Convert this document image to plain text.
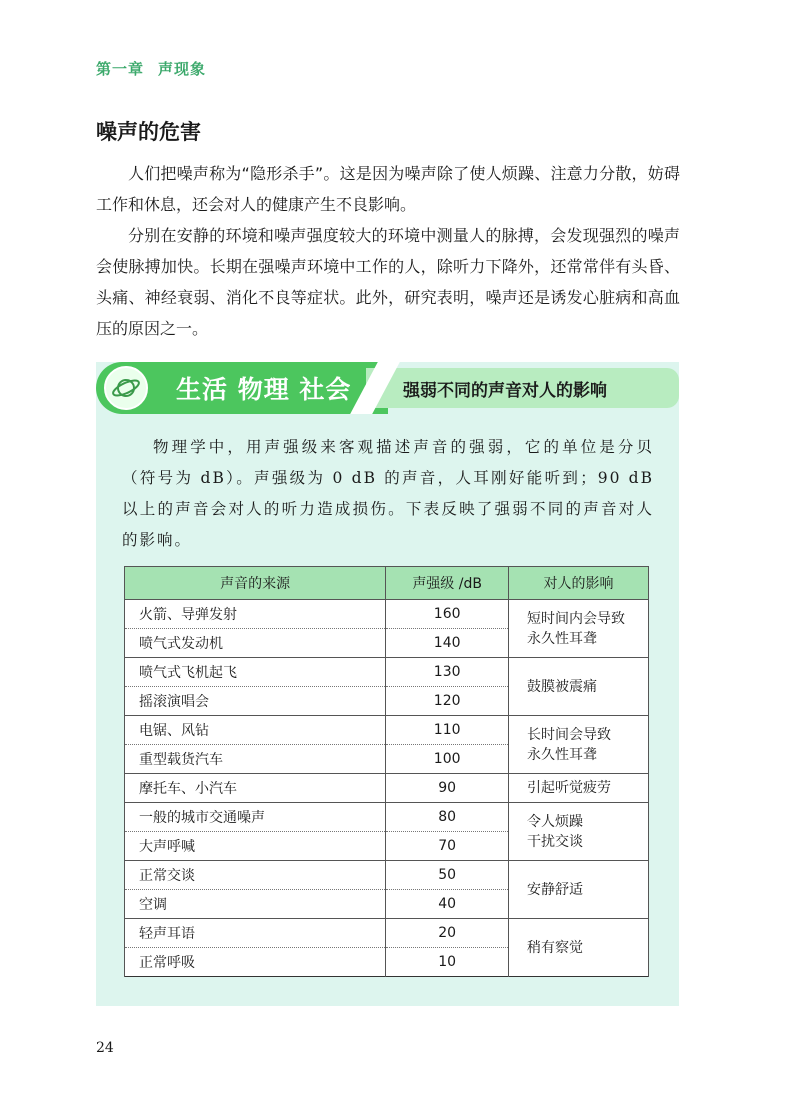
第一章 声现象
噪声的危害

人们把噪声称为“隐形杀手”。这是因为噪声除了使人烦躁、注意力分散，妨碍工作和休息，还会对人的健康产生不良影响。

分别在安静的环境和噪声强度较大的环境中测量人的脉搏，会发现强烈的噪声会使脉搏加快。长期在强噪声环境中工作的人，除听力下降外，还常常伴有头昏、头痛、神经衰弱、消化不良等症状。此外，研究表明，噪声还是诱发心脏病和高血压的原因之一。

生活 物理 社会	强弱不同的声音对人的影响

物理学中，用声强级来客观描述声音的强弱，它的单位是分贝（符号为 dB）。声强级为 0 dB 的声音，人耳刚好能听到；90 dB 以上的声音会对人的听力造成损伤。下表反映了强弱不同的声音对人的影响。

声音的来源	声强级 /dB	对人的影响
火箭、导弹发射	160	短时间内会导致
永久性耳聋
喷气式发动机	140	
喷气式飞机起飞	130	鼓膜被震痛
摇滚演唱会	120	
电锯、风钻	110	长时间会导致
永久性耳聋
重型载货汽车	100	
摩托车、小汽车	90	引起听觉疲劳
一般的城市交通噪声	80	令人烦躁
干扰交谈
大声呼喊	70	
正常交谈	50	安静舒适
空调	40	
轻声耳语	20	稍有察觉
正常呼吸	10	
24
